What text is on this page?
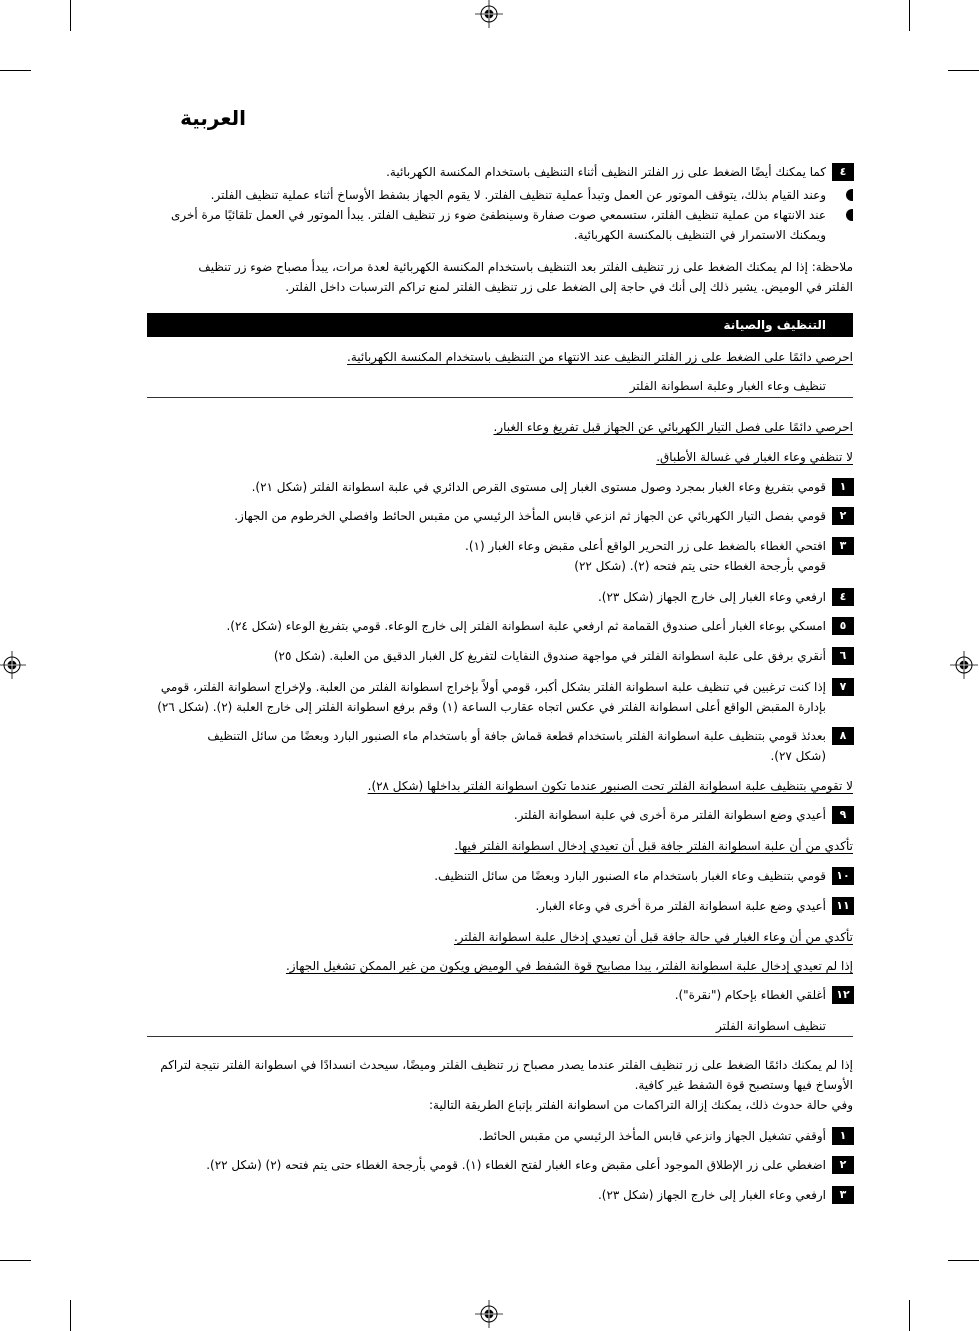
العربية
٤
كما يمكنك أيضًا الضغط على زر الفلتر النظيف أثناء التنظيف باستخدام المكنسة الكهربائية.
وعند القيام بذلك، يتوقف الموتور عن العمل وتبدأ عملية تنظيف الفلتر. لا يقوم الجهاز بشفط الأوساخ أثناء عملية تنظيف الفلتر.
عند الانتهاء من عملية تنظيف الفلتر، ستسمعي صوت صفارة وسينطفئ ضوء زر تنظيف الفلتر. يبدأ الموتور في العمل تلقائيًا مرة أخرى
ويمكنك الاستمرار في التنظيف بالمكنسة الكهربائية.
ملاحظة: إذا لم يمكنك الضغط على زر تنظيف الفلتر بعد التنظيف باستخدام المكنسة الكهربائية لعدة مرات، يبدأ مصباح ضوء زر تنظيف
الفلتر في الوميض. يشير ذلك إلى أنك في حاجة إلى الضغط على زر تنظيف الفلتر لمنع تراكم الترسبات داخل الفلتر.
التنظيف والصيانة
احرصي دائمًا على الضغط على زر الفلتر النظيف عند الانتهاء من التنظيف باستخدام المكنسة الكهربائية.
تنظيف وعاء الغبار وعلبة اسطوانة الفلتر
احرصي دائمًا على فصل التيار الكهربائي عن الجهاز قبل تفريغ وعاء الغبار.
لا تنظفي وعاء الغبار في غسالة الأطباق.
١
قومي بتفريغ وعاء الغبار بمجرد وصول مستوى الغبار إلى مستوى القرص الدائري في علبة اسطوانة الفلتر (شكل ٢١).
٢
قومي بفصل التيار الكهربائي عن الجهاز ثم انزعي قابس المأخذ الرئيسي من مقبس الحائط وافصلي الخرطوم من الجهاز.
٣
افتحي الغطاء بالضغط على زر التحرير الواقع أعلى مقبض وعاء الغبار (١).
قومي بأرجحة الغطاء حتى يتم فتحه (٢). (شكل ٢٢)
٤
ارفعي وعاء الغبار إلى خارج الجهاز (شكل ٢٣).
٥
امسكي بوعاء الغبار أعلى صندوق القمامة ثم ارفعي علبة اسطوانة الفلتر إلى خارج الوعاء. قومي بتفريغ الوعاء (شكل ٢٤).
٦
أنقري برفق على علبة اسطوانة الفلتر في مواجهة صندوق النفايات لتفريغ كل الغبار الدقيق من العلبة. (شكل ٢٥)
٧
إذا كنت ترغبين في تنظيف علبة اسطوانة الفلتر بشكل أكبر، قومي أولاً بإخراج اسطوانة الفلتر من العلبة. ولإخراج اسطوانة الفلتر، قومي
بإدارة المقبض الواقع أعلى اسطوانة الفلتر في عكس اتجاه عقارب الساعة (١) وقم برفع اسطوانة الفلتر إلى خارج العلبة (٢). (شكل ٢٦)
٨
بعدئذ قومي بتنظيف علبة اسطوانة الفلتر باستخدام قطعة قماش جافة أو باستخدام ماء الصنبور البارد وبعضًا من سائل التنظيف
(شكل ٢٧).
لا تقومي بتنظيف علبة اسطوانة الفلتر تحت الصنبور عندما تكون اسطوانة الفلتر بداخلها (شكل ٢٨).
٩
أعيدي وضع اسطوانة الفلتر مرة أخرى في علبة اسطوانة الفلتر.
تأكدي من أن علبة اسطوانة الفلتر جافة قبل أن تعيدي إدخال اسطوانة الفلتر فيها.
١٠
قومي بتنظيف وعاء الغبار باستخدام ماء الصنبور البارد وبعضًا من سائل التنظيف.
١١
أعيدي وضع علبة اسطوانة الفلتر مرة أخرى في وعاء الغبار.
تأكدي من أن وعاء الغبار في حالة جافة قبل أن تعيدي إدخال علبة اسطوانة الفلتر.
إذا لم تعيدي إدخال علبة اسطوانة الفلتر، يبدا مصابيح قوة الشفط في الوميض ويكون من غير الممكن تشغيل الجهاز.
١٢
أغلقي الغطاء بإحكام ("نقرة").
تنظيف اسطوانة الفلتر
إذا لم يمكنك دائمًا الضغط على زر تنظيف الفلتر عندما يصدر مصباح زر تنظيف الفلتر وميضًا، سيحدث انسدادًا في اسطوانة الفلتر نتيجة لتراكم
الأوساخ فيها وستصبح قوة الشفط غير كافية.
وفي حالة حدوث ذلك، يمكنك إزالة التراكمات من اسطوانة الفلتر بإتباع الطريقة التالية:
١
أوقفي تشغيل الجهاز وانزعي قابس المأخذ الرئيسي من مقبس الحائط.
٢
اضغطي على زر الإطلاق الموجود أعلى مقبض وعاء الغبار لفتح الغطاء (١). قومي بأرجحة الغطاء حتى يتم فتحه (٢) (شكل ٢٢).
٣
ارفعي وعاء الغبار إلى خارج الجهاز (شكل ٢٣).
